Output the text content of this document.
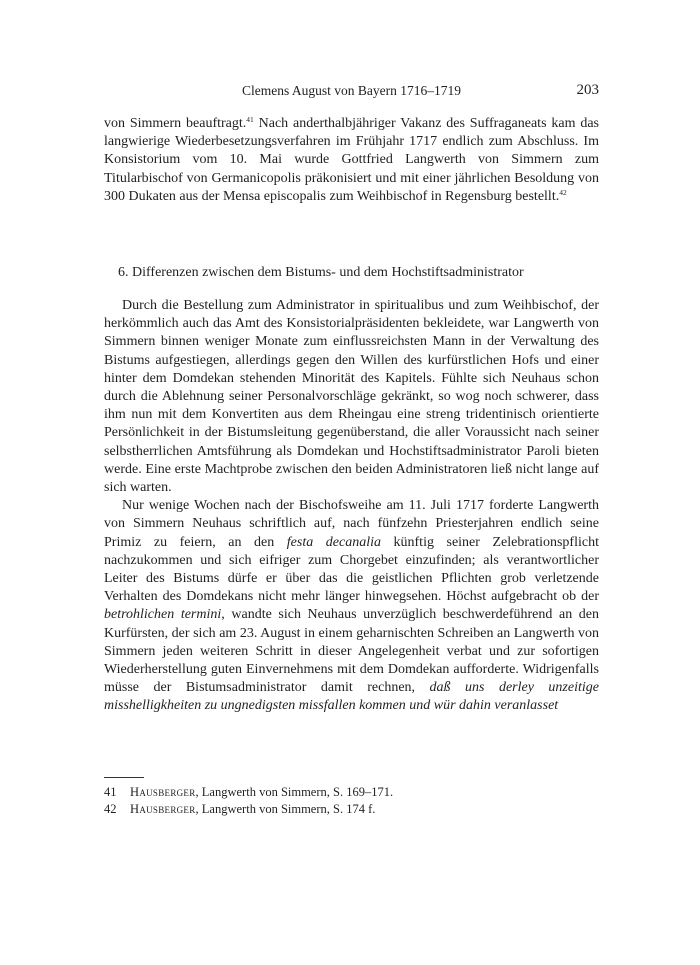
Clemens August von Bayern 1716–1719	203

von Simmern beauftragt.$^{41}$ Nach anderthalbjähriger Vakanz des Suffraganeats kam das langwierige Wiederbesetzungsverfahren im Frühjahr 1717 endlich zum Abschluss. Im Konsistorium vom 10. Mai wurde Gottfried Langwerth von Simmern zum Titularbischof von Germanicopolis präkonisiert und mit einer jährlichen Besoldung von 300 Dukaten aus der Mensa episcopalis zum Weihbischof in Regensburg bestellt.$^{42}$

6. Differenzen zwischen dem Bistums- und dem Hochstiftsadministrator

Durch die Bestellung zum Administrator in spiritualibus und zum Weihbischof, der herkömmlich auch das Amt des Konsistorialpräsidenten bekleidete, war Langwerth von Simmern binnen weniger Monate zum einflussreichsten Mann in der Verwaltung des Bistums aufgestiegen, allerdings gegen den Willen des kurfürstlichen Hofs und einer hinter dem Domdekan stehenden Minorität des Kapitels. Fühlte sich Neuhaus schon durch die Ablehnung seiner Personalvorschläge gekränkt, so wog noch schwerer, dass ihm nun mit dem Konvertiten aus dem Rheingau eine streng tridentinisch orientierte Persönlichkeit in der Bistumsleitung gegenüberstand, die aller Voraussicht nach seiner selbstherrlichen Amtsführung als Domdekan und Hochstiftsadministrator Paroli bieten werde. Eine erste Machtprobe zwischen den beiden Administratoren ließ nicht lange auf sich warten.

Nur wenige Wochen nach der Bischofsweihe am 11. Juli 1717 forderte Langwerth von Simmern Neuhaus schriftlich auf, nach fünfzehn Priesterjahren endlich seine Primiz zu feiern, an den festa decanalia künftig seiner Zelebrationspflicht nachzukommen und sich eifriger zum Chorgebet einzufinden; als verantwortlicher Leiter des Bistums dürfe er über das die geistlichen Pflichten grob verletzende Verhalten des Domdekans nicht mehr länger hinwegsehen. Höchst aufgebracht ob der betrohlichen termini, wandte sich Neuhaus unverzüglich beschwerdeführend an den Kurfürsten, der sich am 23. August in einem geharnischten Schreiben an Langwerth von Simmern jeden weiteren Schritt in dieser Angelegenheit verbat und zur sofortigen Wiederherstellung guten Einvernehmens mit dem Domdekan aufforderte. Widrigenfalls müsse der Bistumsadministrator damit rechnen, daß uns derley unzeitige misshelligkheiten zu ungnedigsten missfallen kommen und wür dahin veranlasset

41	Hausberger, Langwerth von Simmern, S. 169–171.
42	Hausberger, Langwerth von Simmern, S. 174 f.
